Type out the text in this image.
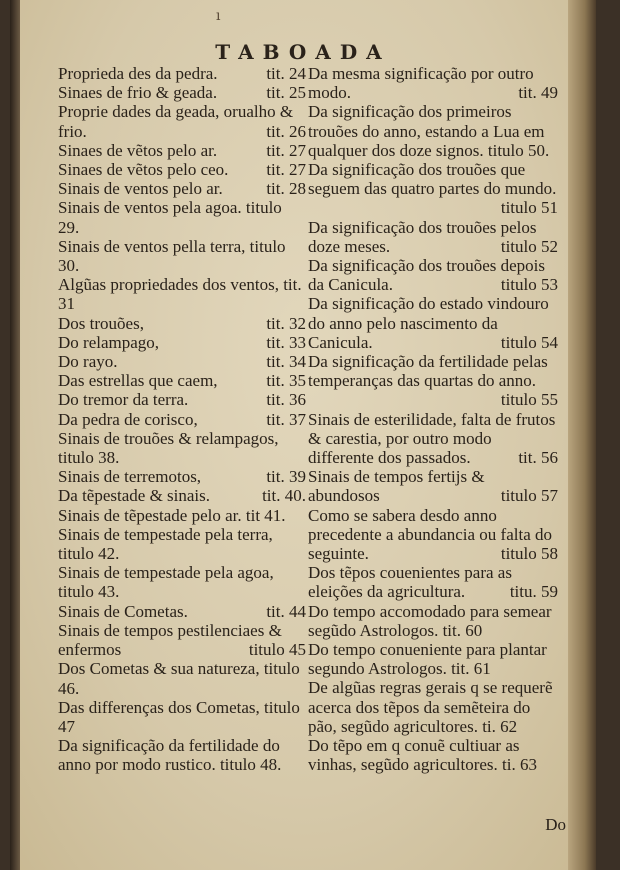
ı
TABOADA
Proprieda des da pedra.	tit. 24
Sinaes de frio & geada.	tit. 25
Proprie dades da geada, orualho & frio.	tit. 26
Sinaes de vẽtos pelo ar.	tit. 27
Sinaes de vẽtos pelo ceo.	tit. 27
Sinais de ventos pelo ar.	tit. 28
Sinais de ventos pela agoa. titulo 29.
Sinais de ventos pella terra, titulo 30.
Algũas propriedades dos ventos, tit. 31
Dos trouões,	tit. 32
Do relampago,	tit. 33
Do rayo.	tit. 34
Das estrellas que caem,	tit. 35
Do tremor da terra.	tit. 36
Da pedra de corisco,	tit. 37
Sinais de trouões & relampagos, titulo 38.
Sinais de terremotos,	tit. 39
Da tẽpestade & sinais.	tit. 40.
Sinais de tẽpestade pelo ar. tit 41.
Sinais de tempestade pela terra, titulo 42.
Sinais de tempestade pela agoa, titulo 43.
Sinais de Cometas.	tit. 44
Sinais de tempos pestilenciaes & enfermos	titulo 45
Dos Cometas & sua natureza, titulo 46.
Das differenças dos Cometas, titulo 47
Da significação da fertilidade do anno por modo rustico. titulo 48.
Da mesma significação por outro modo.	tit. 49
Da significação dos primeiros trouões do anno, estando a Lua em qualquer dos doze signos. titulo 50.
Da significação dos trouões que seguem das quatro partes do mundo.
titulo 51
Da significação dos trouões pelos doze meses.	titulo 52
Da significação dos trouões depois da Canicula.	titulo 53
Da significação do estado vindouro do anno pelo nascimento da Canicula.	titulo 54
Da significação da fertilidade pelas temperanças das quartas do anno.
titulo 55
Sinais de esterilidade, falta de frutos & carestia, por outro modo differente dos passados.	tit. 56
Sinais de tempos fertijs & abundosos	titulo 57
Como se sabera desdo anno precedente a abundancia ou falta do seguinte.	titulo 58
Dos tẽpos couenientes para as eleições da agricultura.	titu. 59
Do tempo accomodado para semear segũdo Astrologos. tit. 60
Do tempo conueniente para plantar segundo Astrologos. tit. 61
De algũas regras gerais q se requerẽ acerca dos tẽpos da semẽteira do pão, segũdo agricultores. ti. 62
Do tẽpo em q conuẽ cultiuar as vinhas, segũdo agricultores. ti. 63
Do
